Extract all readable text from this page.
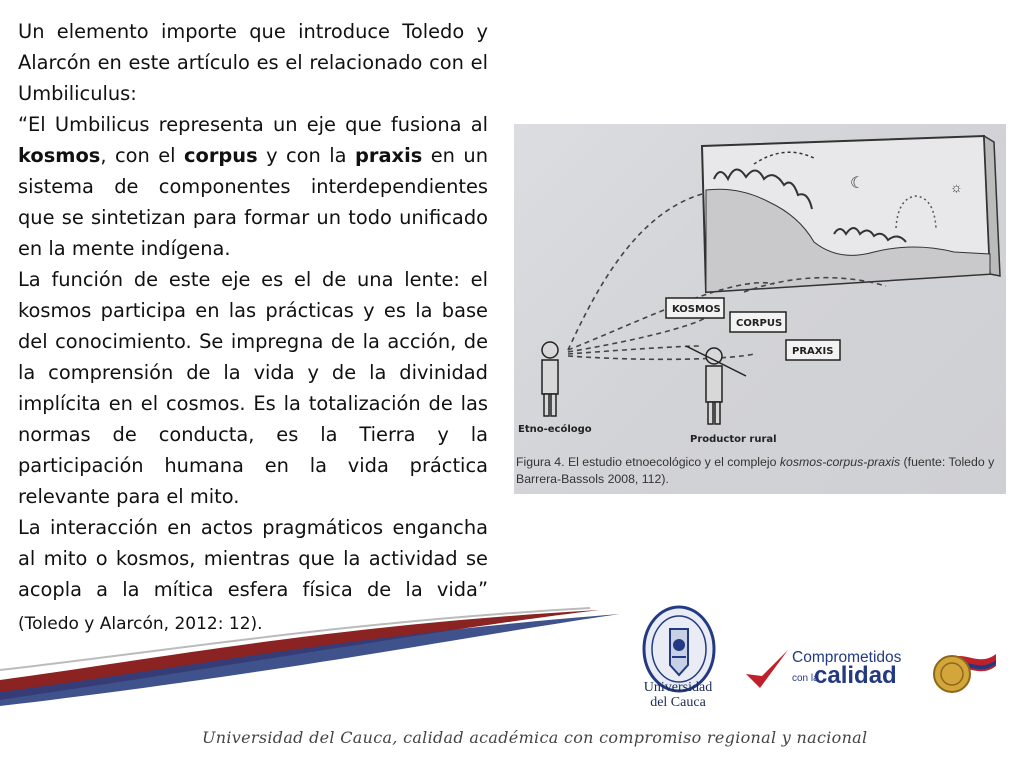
Un elemento importe que introduce Toledo y Alarcón en este artículo es el relacionado con el Umbiliculus:

“El Umbilicus representa un eje que fusiona al kosmos, con el corpus y con la praxis en un sistema de componentes interdependientes que se sintetizan para formar un todo unificado en la mente indígena.

La función de este eje es el de una lente: el kosmos participa en las prácticas y es la base del conocimiento. Se impregna de la acción, de la comprensión de la vida y de la divinidad implícita en el cosmos. Es la totalización de las normas de conducta, es la Tierra y la participación humana en la vida práctica relevante para el mito.

La interacción en actos pragmáticos engancha al mito o kosmos, mientras que la actividad se acopla a la mítica esfera física de la vida” (Toledo y Alarcón, 2012: 12).

☾	☼
KOSMOS
CORPUS
PRAXIS
Etno-ecólogo
Productor rural
Figura 4. El estudio etnoecológico y el complejo kosmos-corpus-praxis (fuente: Toledo y Barrera-Bassols 2008, 112).
Universidad
del Cauca
Comprometidos
con la
calidad
Universidad del Cauca, calidad académica con compromiso regional y nacional
